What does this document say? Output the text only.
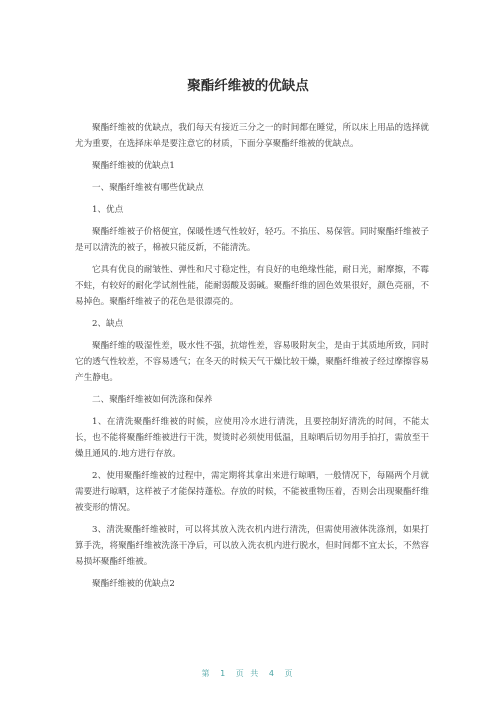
聚酯纤维被的优缺点

聚酯纤维被的优缺点，我们每天有接近三分之一的时间都在睡觉，所以床上用品的选择就尤为重要，在选择床单是要注意它的材质，下面分享聚酯纤维被的优缺点。

聚酯纤维被的优缺点1

一、聚酯纤维被有哪些优缺点

1、优点

聚酯纤维被子价格便宜，保暖性透气性较好，轻巧。不掐压、易保管。同时聚酯纤维被子是可以清洗的被子，棉被只能反新，不能清洗。

它具有优良的耐皱性、弹性和尺寸稳定性，有良好的电绝缘性能，耐日光，耐摩擦，不霉不蛀，有较好的耐化学试剂性能，能耐弱酸及弱碱。聚酯纤维的固色效果很好，颜色亮丽，不易掉色。聚酯纤维被子的花色是很漂亮的。

2、缺点

聚酯纤维的吸湿性差，吸水性不强，抗熔性差，容易吸附灰尘，是由于其质地所致，同时它的透气性较差，不容易透气；在冬天的时候天气干燥比较干燥，聚酯纤维被子经过摩擦容易产生静电。

二、聚酯纤维被如何洗涤和保养

1、在清洗聚酯纤维被的时候，应使用冷水进行清洗，且要控制好清洗的时间，不能太长，也不能将聚酯纤维被进行干洗，熨烫时必须使用低温，且晾晒后切勿用手拍打，需放至干燥且通风的.地方进行存放。

2、使用聚酯纤维被的过程中，需定期将其拿出来进行晾晒，一般情况下，每隔两个月就需要进行晾晒，这样被子才能保持蓬松。存放的时候，不能被重物压着，否则会出现聚酯纤维被变形的情况。

3、清洗聚酯纤维被时，可以将其放入洗衣机内进行清洗，但需使用液体洗涤剂，如果打算手洗，将聚酯纤维被洗涤干净后，可以放入洗衣机内进行脱水，但时间都不宜太长，不然容易损坏聚酯纤维被。

聚酯纤维被的优缺点2

第 1 页 共 4 页
